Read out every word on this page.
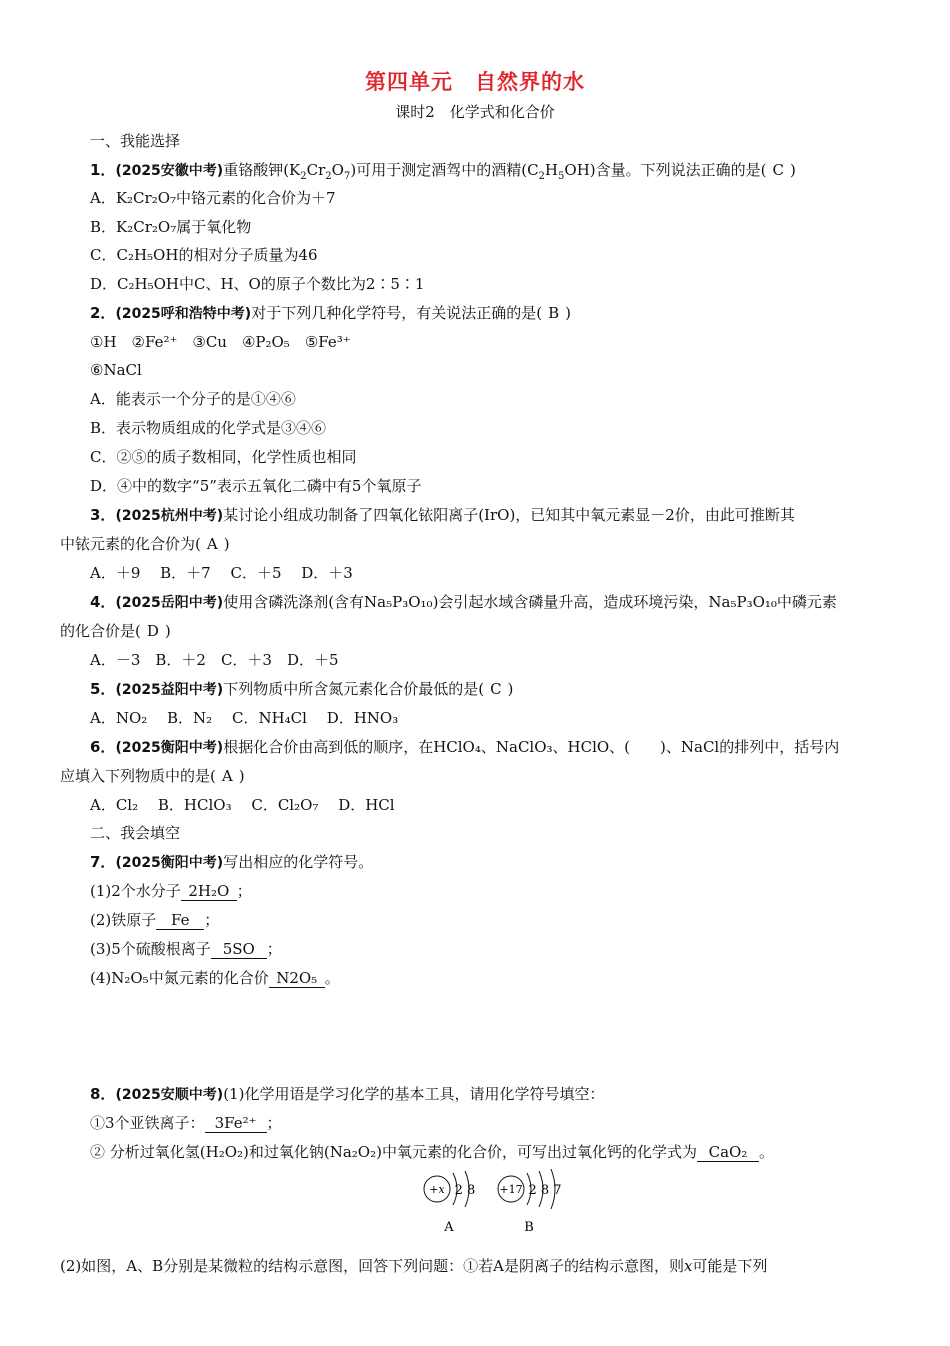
第四单元 自然界的水
课时2　化学式和化合价
一、我能选择
1．(2025安徽中考)重铬酸钾$(K_2Cr_2O_7)$可用于测定酒驾中的酒精$(C_2H_5OH)$含量。下列说法正确的是( C )
A．K₂Cr₂O₇中铬元素的化合价为＋7
B．K₂Cr₂O₇属于氧化物
C．C₂H₅OH的相对分子质量为46
D．C₂H₅OH中C、H、O的原子个数比为2∶5∶1
2．(2025呼和浩特中考)对于下列几种化学符号，有关说法正确的是( B )
①H　②Fe²⁺　③Cu　④P₂O₅　⑤Fe³⁺
⑥NaCl
A．能表示一个分子的是①④⑥
B．表示物质组成的化学式是③④⑥
C．②⑤的质子数相同，化学性质也相同
D．④中的数字“5”表示五氧化二磷中有5个氧原子
3．(2025杭州中考)某讨论小组成功制备了四氧化铱阳离子(IrO)，已知其中氧元素显－2价，由此可推断其
中铱元素的化合价为( A )
A．＋9　 B．＋7　 C．＋5　 D．＋3
4．(2025岳阳中考)使用含磷洗涤剂(含有Na₅P₃O₁₀)会引起水域含磷量升高，造成环境污染，Na₅P₃O₁₀中磷元素
的化合价是( D )
A．－3　B．＋2　C．＋3　D．＋5
5．(2025益阳中考)下列物质中所含氮元素化合价最低的是( C )
A．NO₂　 B．N₂　 C．NH₄Cl　 D．HNO₃
6．(2025衡阳中考)根据化合价由高到低的顺序，在HClO₄、NaClO₃、HClO、(　　)、NaCl的排列中，括号内
应填入下列物质中的是( A )
A．Cl₂　 B．HClO₃　 C．Cl₂O₇　 D．HCl
二、我会填空
7．(2025衡阳中考)写出相应的化学符号。
(1)2个水分子 2H₂O ；
(2)铁原子 Fe ；
(3)5个硫酸根离子 5SO ；
(4)N₂O₅中氮元素的化合价 N2O₅ 。
8．(2025安顺中考)(1)化学用语是学习化学的基本工具，请用化学符号填空：
①3个亚铁离子： 3Fe²⁺ ；
② 分析过氧化氢(H₂O₂)和过氧化钠(Na₂O₂)中氧元素的化合价，可写出过氧化钙的化学式为 CaO₂ 。
+x 2 8 +17 2 8 7
A	B
(2)如图，A、B分别是某微粒的结构示意图，回答下列问题：①若A是阴离子的结构示意图，则x可能是下列
